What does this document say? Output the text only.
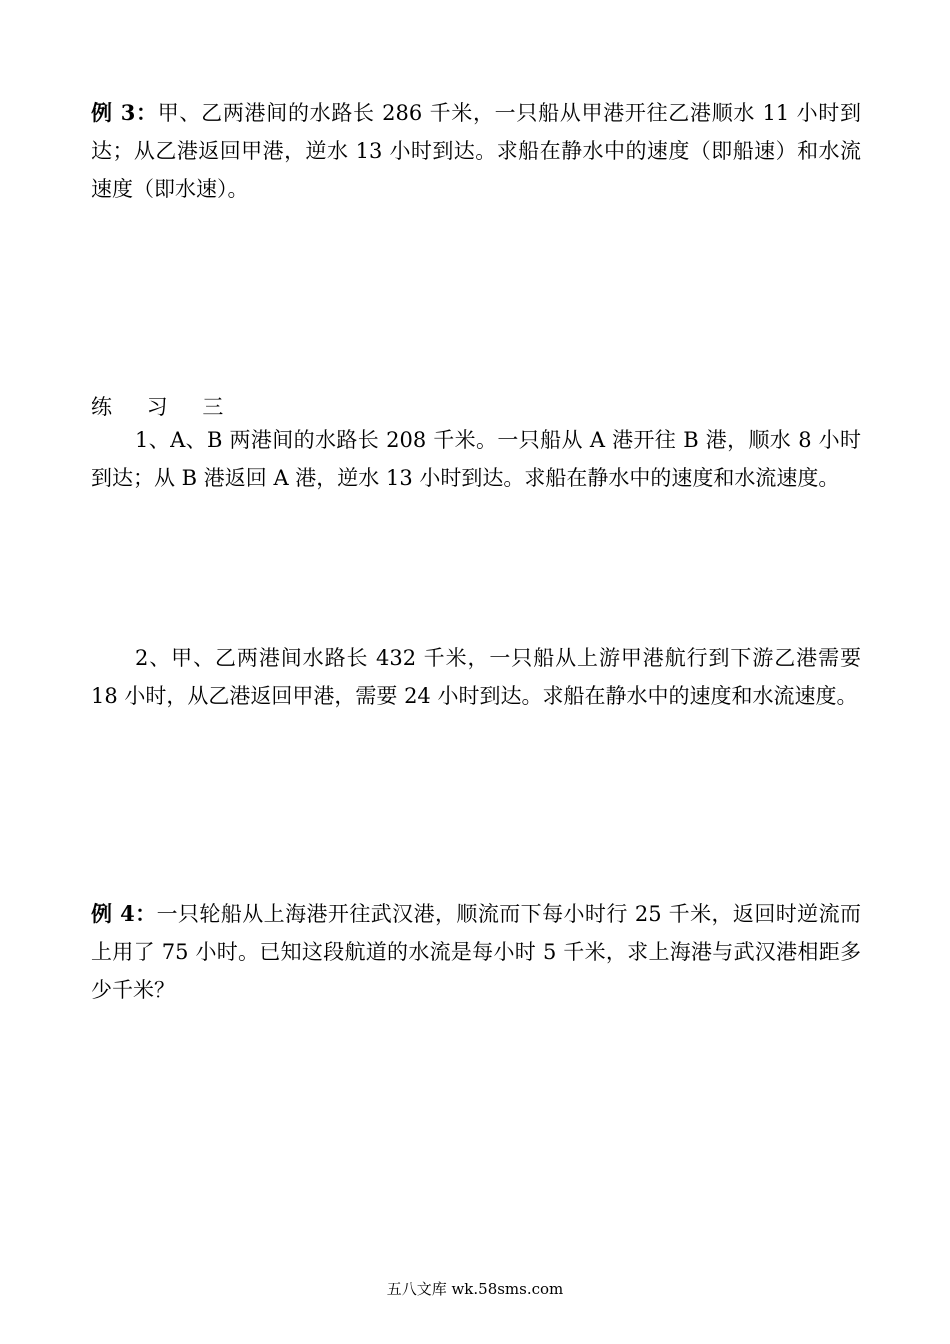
例 3：甲、乙两港间的水路长 286 千米，一只船从甲港开往乙港顺水 11 小时到达；从乙港返回甲港，逆水 13 小时到达。求船在静水中的速度（即船速）和水流速度（即水速）。
练 习 三
1、A、B 两港间的水路长 208 千米。一只船从 A 港开往 B 港，顺水 8 小时到达；从 B 港返回 A 港，逆水 13 小时到达。求船在静水中的速度和水流速度。
2、甲、乙两港间水路长 432 千米，一只船从上游甲港航行到下游乙港需要 18 小时，从乙港返回甲港，需要 24 小时到达。求船在静水中的速度和水流速度。
例 4：一只轮船从上海港开往武汉港，顺流而下每小时行 25 千米，返回时逆流而上用了 75 小时。已知这段航道的水流是每小时 5 千米，求上海港与武汉港相距多少千米？
五八文库 wk.58sms.com
